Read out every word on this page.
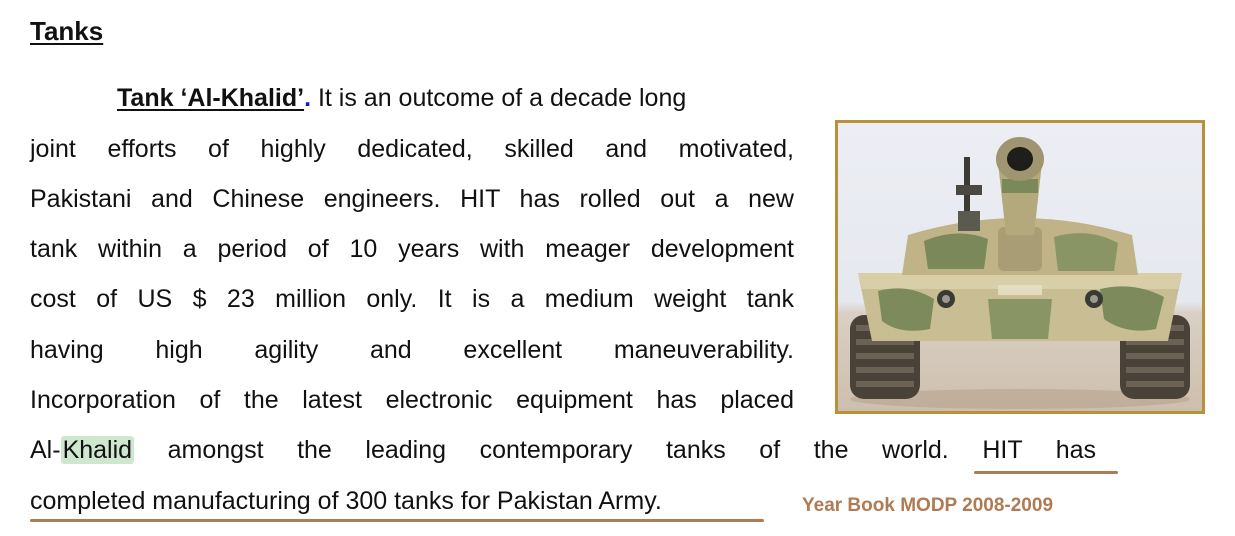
Tanks
Tank ‘Al-Khalid’. It is an outcome of a decade long
joint efforts of highly dedicated, skilled and motivated,
Pakistani and Chinese engineers. HIT has rolled out a new
tank within a period of 10 years with meager development
cost of US $ 23 million only. It is a medium weight tank
having high agility and excellent maneuverability.
Incorporation of the latest electronic equipment has placed
Al-Khalid amongst the leading contemporary tanks of the world. HIT has
completed manufacturing of 300 tanks for Pakistan Army.	Year Book MODP 2008-2009
